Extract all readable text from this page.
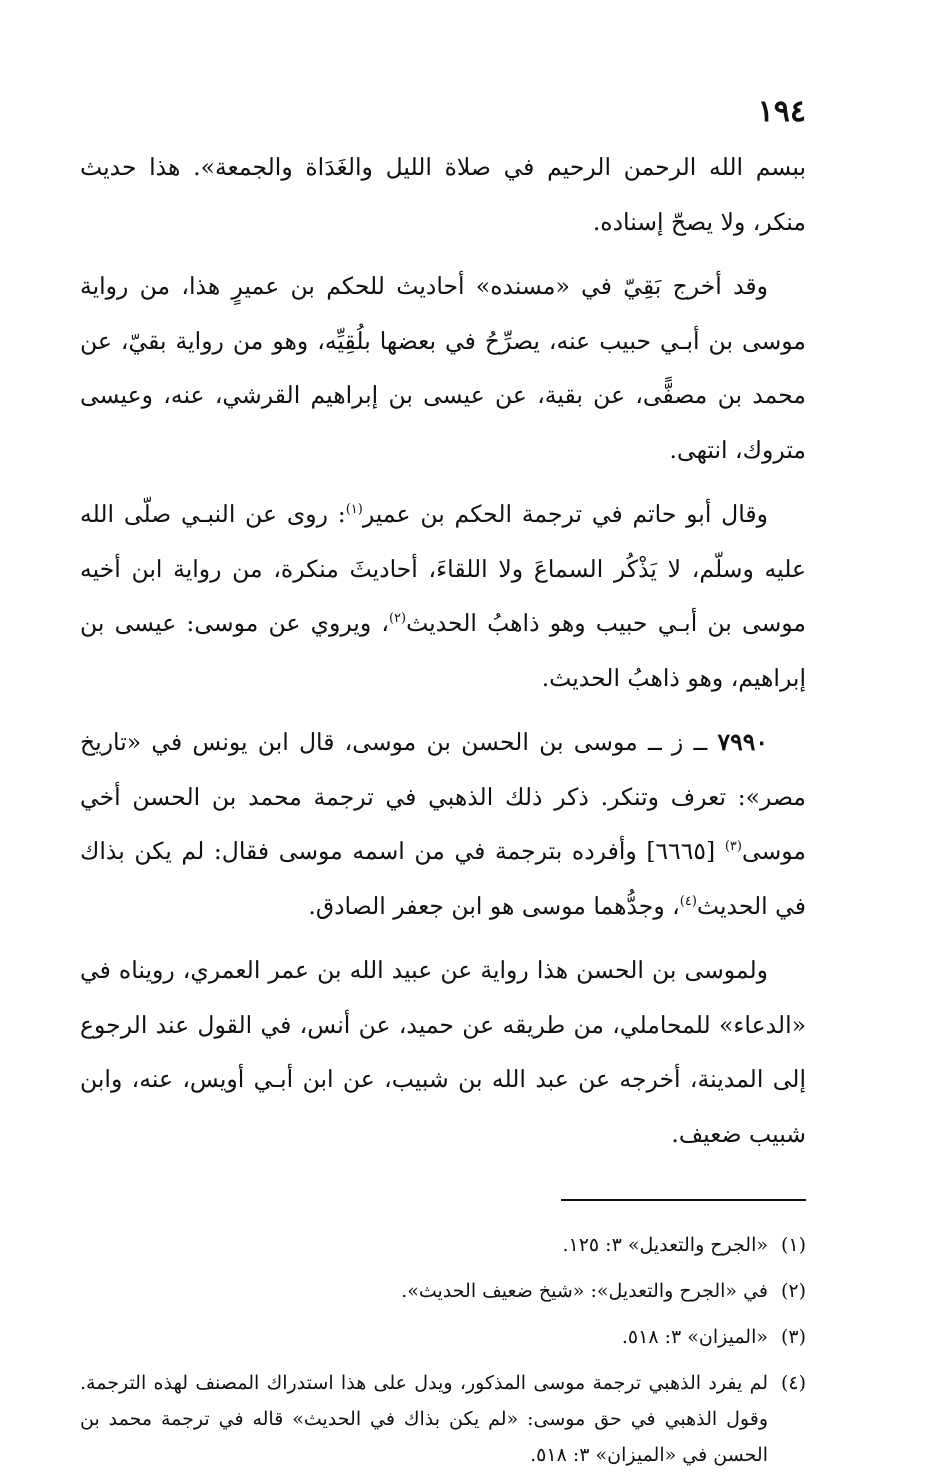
١٩٤

ببسم الله الرحمن الرحيم في صلاة الليل والغَدَاة والجمعة». هذا حديث منكر، ولا يصحّ إسناده.

وقد أخرج بَقِيّ في «مسنده» أحاديث للحكم بن عميرٍ هذا، من رواية موسى بن أبـي حبيب عنه، يصرِّحُ في بعضها بلُقِيِّه، وهو من رواية بقيّ، عن محمد بن مصفًّى، عن بقية، عن عيسى بن إبراهيم القرشي، عنه، وعيسى متروك، انتهى.

وقال أبو حاتم في ترجمة الحكم بن عمير$^{(١)}$: روى عن النبـي صلّى الله عليه وسلّم، لا يَذْكُر السماعَ ولا اللقاءَ، أحاديثَ منكرة، من رواية ابن أخيه موسى بن أبـي حبيب وهو ذاهبُ الحديث$^{(٢)}$، ويروي عن موسى: عيسى بن إبراهيم، وهو ذاهبُ الحديث.

٧٩٩٠ ــ ز ــ موسى بن الحسن بن موسى، قال ابن يونس في «تاريخ مصر»: تعرف وتنكر. ذكر ذلك الذهبي في ترجمة محمد بن الحسن أخي موسى$^{(٣)}$ [٦٦٦٥] وأفرده بترجمة في من اسمه موسى فقال: لم يكن بذاك في الحديث$^{(٤)}$، وجدُّهما موسى هو ابن جعفر الصادق.

ولموسى بن الحسن هذا رواية عن عبيد الله بن عمر العمري، رويناه في «الدعاء» للمحاملي، من طريقه عن حميد، عن أنس، في القول عند الرجوع إلى المدينة، أخرجه عن عبد الله بن شبيب، عن ابن أبـي أويس، عنه، وابن شبيب ضعيف.

(١)
«الجرح والتعديل» ٣: ١٢٥.
(٢)
في «الجرح والتعديل»: «شيخ ضعيف الحديث».
(٣)
«الميزان» ٣: ٥١٨.
(٤)
لم يفرد الذهبي ترجمة موسى المذكور، ويدل على هذا استدراك المصنف لهذه الترجمة. وقول الذهبي في حق موسى: «لم يكن بذاك في الحديث» قاله في ترجمة محمد بن الحسن في «الميزان» ٣: ٥١٨.
